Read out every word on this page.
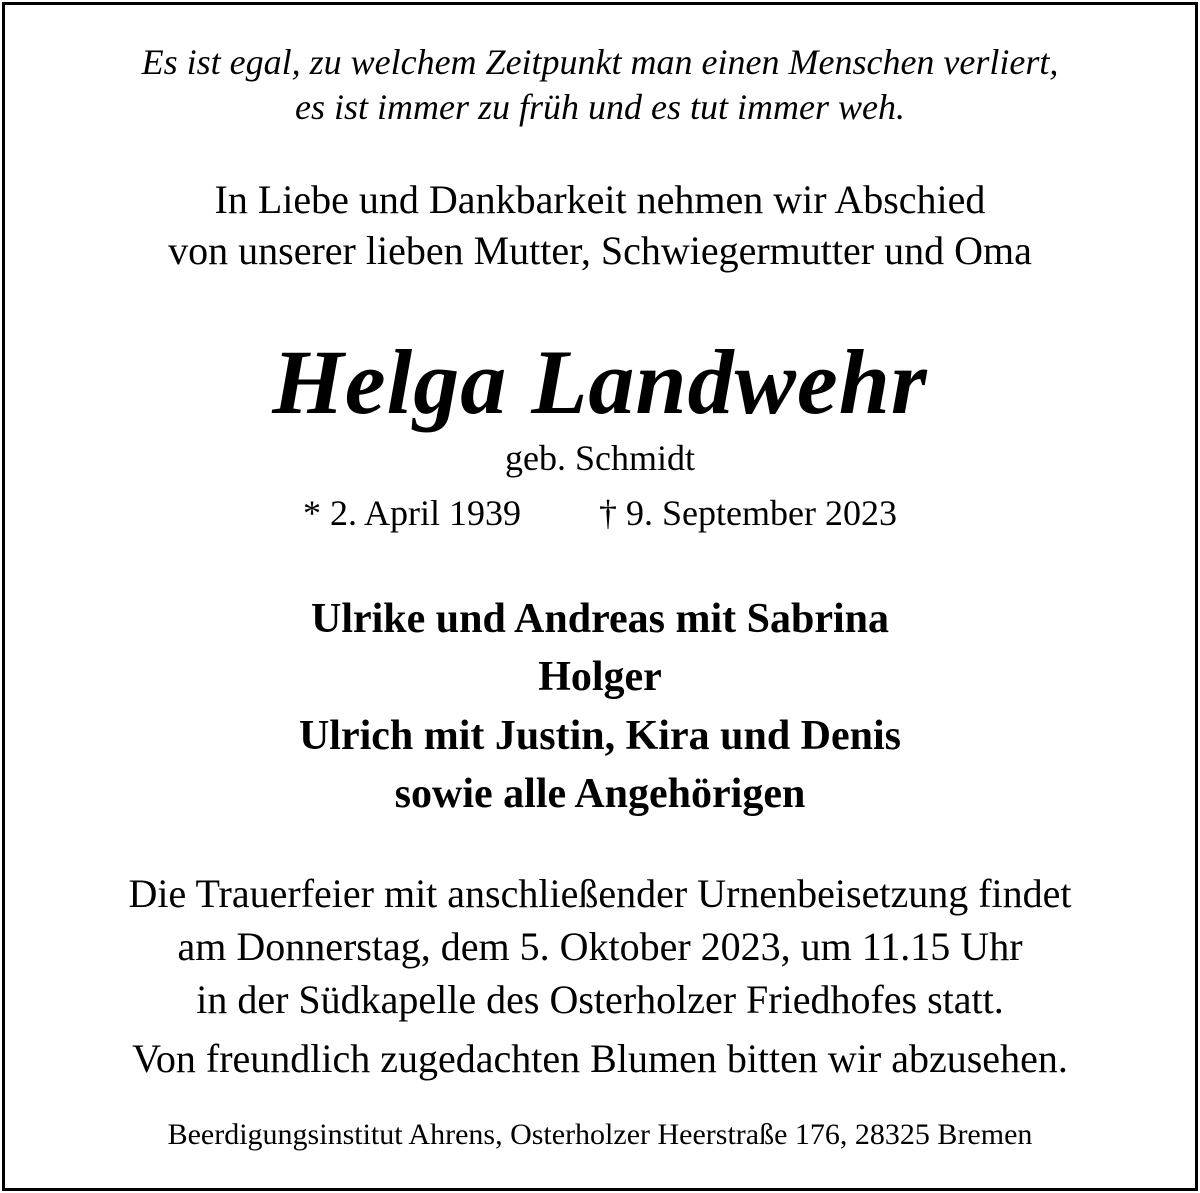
Es ist egal, zu welchem Zeitpunkt man einen Menschen verliert,
es ist immer zu früh und es tut immer weh.
In Liebe und Dankbarkeit nehmen wir Abschied
von unserer lieben Mutter, Schwiegermutter und Oma
Helga Landwehr
geb. Schmidt
* 2. April 1939 † 9. September 2023
Ulrike und Andreas mit Sabrina
Holger
Ulrich mit Justin, Kira und Denis
sowie alle Angehörigen
Die Trauerfeier mit anschließender Urnenbeisetzung findet
am Donnerstag, dem 5. Oktober 2023, um 11.15 Uhr
in der Südkapelle des Osterholzer Friedhofes statt.
Von freundlich zugedachten Blumen bitten wir abzusehen.
Beerdigungsinstitut Ahrens, Osterholzer Heerstraße 176, 28325 Bremen
